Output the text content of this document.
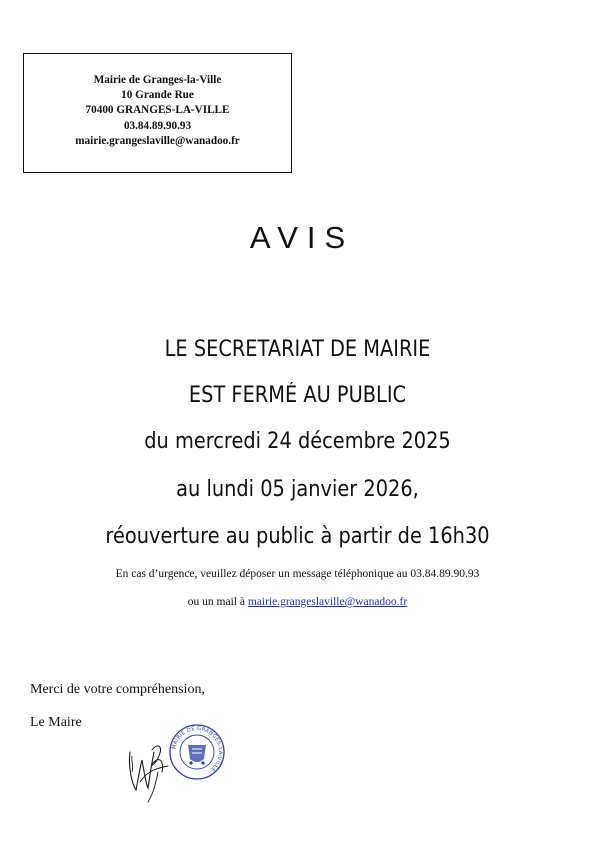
Mairie de Granges-la-Ville
10 Grande Rue
70400 GRANGES-LA-VILLE
03.84.89.90.93
mairie.grangeslaville@wanadoo.fr
AVIS
LE SECRETARIAT DE MAIRIE
EST FERMÉ AU PUBLIC
du mercredi 24 décembre 2025
au lundi 05 janvier 2026,
réouverture au public à partir de 16h30
En cas d’urgence, veuillez déposer un message téléphonique au 03.84.89.90.93
ou un mail à mairie.grangeslaville@wanadoo.fr
Merci de votre compréhension,
Le Maire
MAIRIE DE GRANGES-LA-VILLE
